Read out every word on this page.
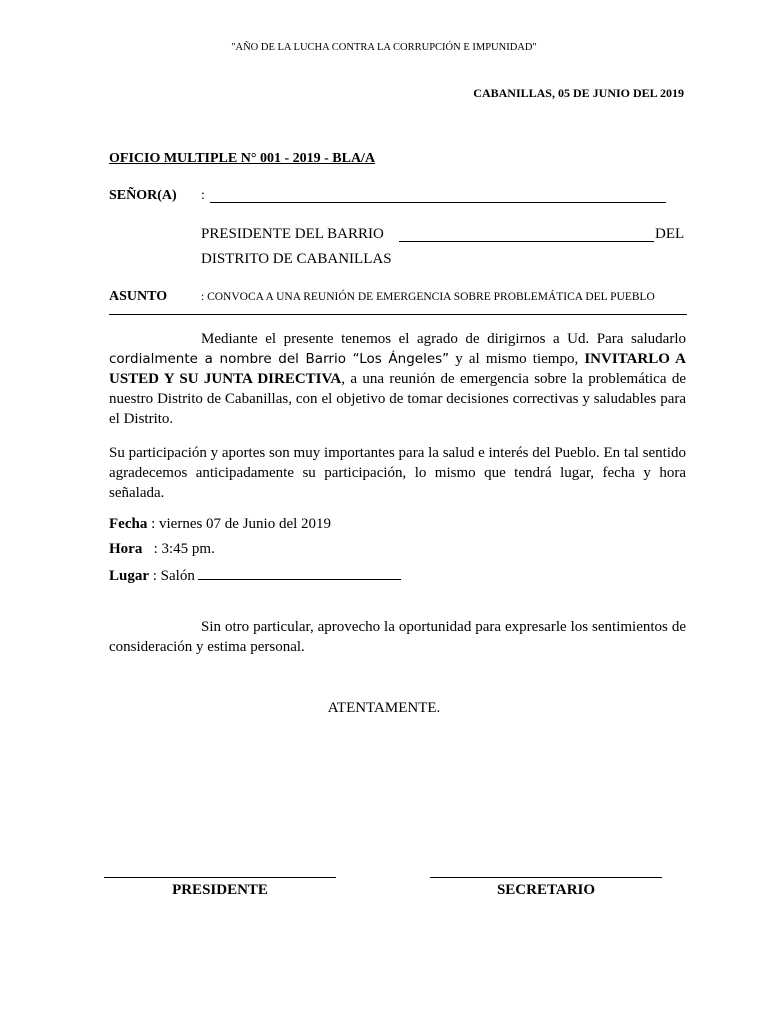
"AÑO DE LA LUCHA CONTRA LA CORRUPCIÓN E IMPUNIDAD"
CABANILLAS, 05 DE JUNIO DEL 2019
OFICIO MULTIPLE N° 001 - 2019 - BLA/A
SEÑOR(A) :
PRESIDENTE DEL BARRIO	DEL
DISTRITO DE CABANILLAS
ASUNTO	: CONVOCA A UNA REUNIÓN DE EMERGENCIA SOBRE PROBLEMÁTICA DEL PUEBLO
Mediante el presente tenemos el agrado de dirigirnos a Ud. Para saludarlo cordialmente a nombre del Barrio “Los Ángeles” y al mismo tiempo, INVITARLO A USTED Y SU JUNTA DIRECTIVA, a una reunión de emergencia sobre la problemática de nuestro Distrito de Cabanillas, con el objetivo de tomar decisiones correctivas y saludables para el Distrito.
Su participación y aportes son muy importantes para la salud e interés del Pueblo. En tal sentido agradecemos anticipadamente su participación, lo mismo que tendrá lugar, fecha y hora señalada.
Fecha : viernes 07 de Junio del 2019
Hora   : 3:45 pm.
Lugar : Salón
Sin otro particular, aprovecho la oportunidad para expresarle los sentimientos de consideración y estima personal.
ATENTAMENTE.
PRESIDENTE	SECRETARIO
